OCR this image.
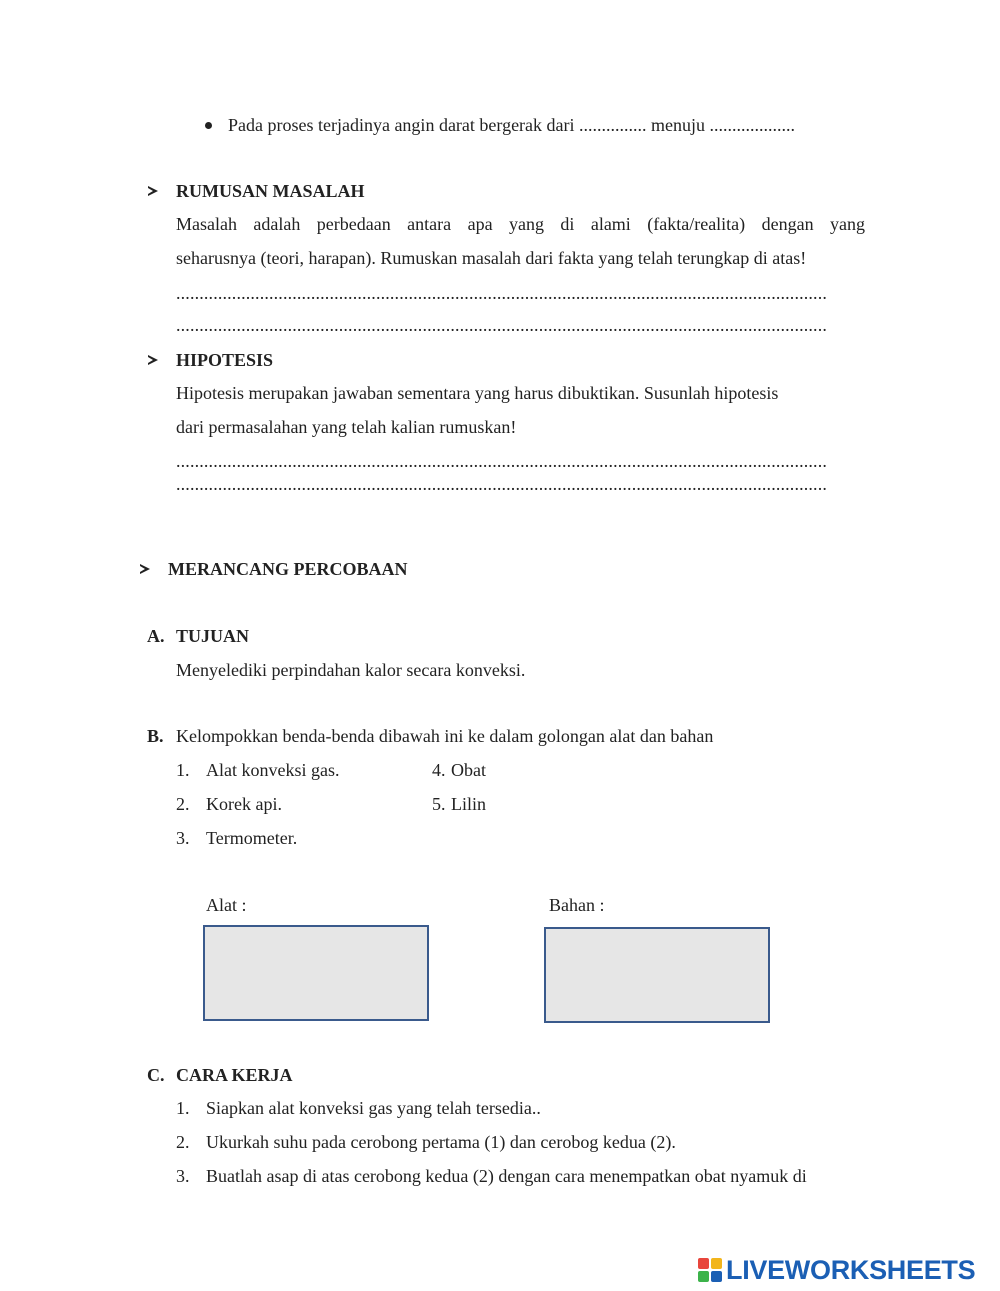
Pada proses terjadinya angin darat bergerak dari ............... menuju ...................
RUMUSAN MASALAH
Masalah adalah perbedaan antara apa yang di alami (fakta/realita) dengan yang
seharusnya (teori, harapan). Rumuskan masalah dari fakta yang telah terungkap di atas!
............................................................................................................................................
............................................................................................................................................
HIPOTESIS
Hipotesis merupakan jawaban sementara yang harus dibuktikan. Susunlah hipotesis
dari permasalahan yang telah kalian rumuskan!
............................................................................................................................................
............................................................................................................................................
MERANCANG PERCOBAAN
A. TUJUAN
Menyelediki perpindahan kalor secara konveksi.
B. Kelompokkan benda-benda dibawah ini ke dalam golongan alat dan bahan
1. Alat konveksi gas.
2. Korek api.
3. Termometer.
4. Obat
5. Lilin
Alat :	Bahan :
C. CARA KERJA
1. Siapkan alat konveksi gas yang telah tersedia..
2. Ukurkah suhu pada cerobong pertama (1) dan cerobog kedua (2).
3. Buatlah asap di atas cerobong kedua (2) dengan cara menempatkan obat nyamuk di
LIVEWORKSHEETS
